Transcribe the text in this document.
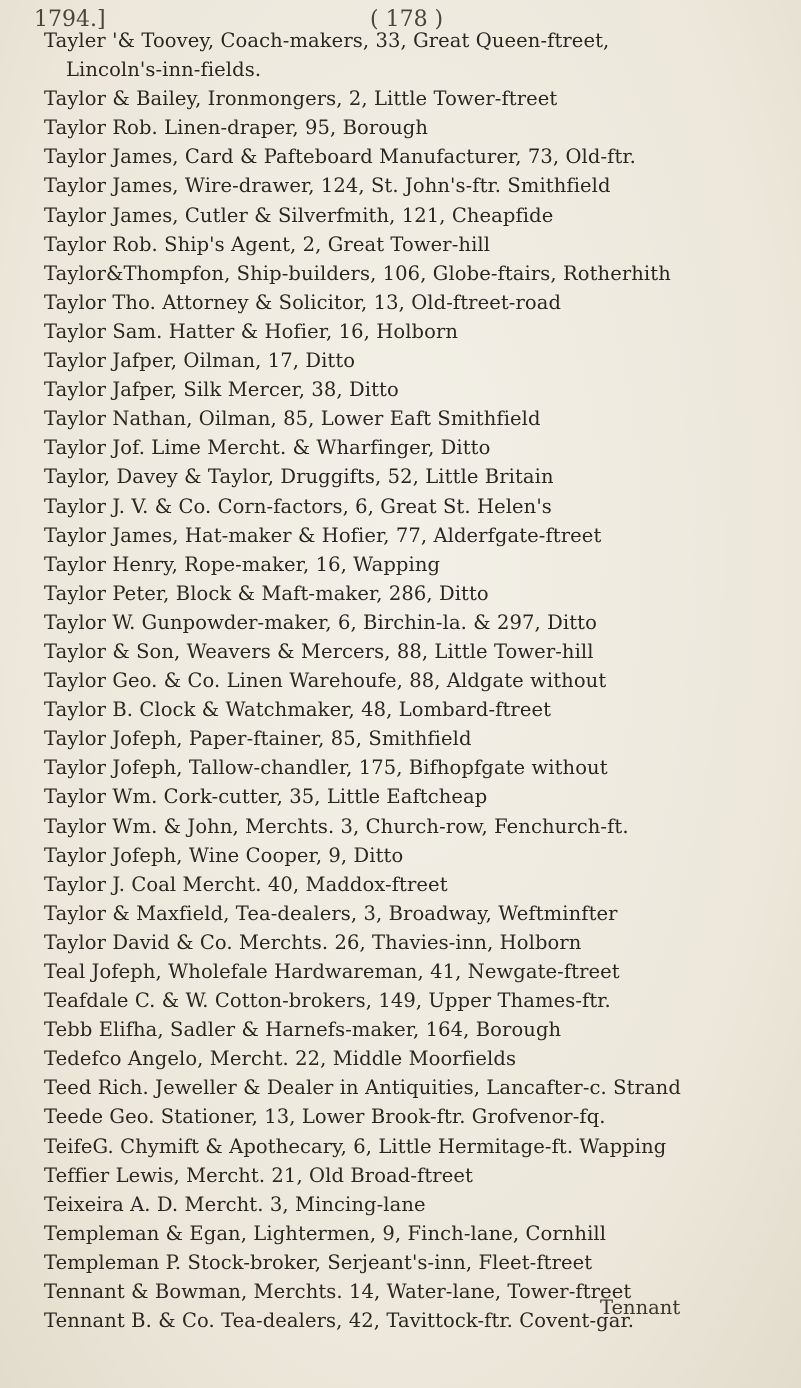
1794.]	( 178 )
Tayler '& Toovey, Coach-makers, 33, Great Queen-ftreet,
Lincoln's-inn-fields.
Taylor & Bailey, Ironmongers, 2, Little Tower-ftreet
Taylor Rob. Linen-draper, 95, Borough
Taylor James, Card & Pafteboard Manufacturer, 73, Old-ftr.
Taylor James, Wire-drawer, 124, St. John's-ftr. Smithfield
Taylor James, Cutler & Silverfmith, 121, Cheapfide
Taylor Rob. Ship's Agent, 2, Great Tower-hill
Taylor&Thompfon, Ship-builders, 106, Globe-ftairs, Rotherhith
Taylor Tho. Attorney & Solicitor, 13, Old-ftreet-road
Taylor Sam. Hatter & Hofier, 16, Holborn
Taylor Jafper, Oilman, 17, Ditto
Taylor Jafper, Silk Mercer, 38, Ditto
Taylor Nathan, Oilman, 85, Lower Eaft Smithfield
Taylor Jof. Lime Mercht. & Wharfinger, Ditto
Taylor, Davey & Taylor, Druggifts, 52, Little Britain
Taylor J. V. & Co. Corn-factors, 6, Great St. Helen's
Taylor James, Hat-maker & Hofier, 77, Alderfgate-ftreet
Taylor Henry, Rope-maker, 16, Wapping
Taylor Peter, Block & Maft-maker, 286, Ditto
Taylor W. Gunpowder-maker, 6, Birchin-la. & 297, Ditto
Taylor & Son, Weavers & Mercers, 88, Little Tower-hill
Taylor Geo. & Co. Linen Warehoufe, 88, Aldgate without
Taylor B. Clock & Watchmaker, 48, Lombard-ftreet
Taylor Jofeph, Paper-ftainer, 85, Smithfield
Taylor Jofeph, Tallow-chandler, 175, Bifhopfgate without
Taylor Wm. Cork-cutter, 35, Little Eaftcheap
Taylor Wm. & John, Merchts. 3, Church-row, Fenchurch-ft.
Taylor Jofeph, Wine Cooper, 9, Ditto
Taylor J. Coal Mercht. 40, Maddox-ftreet
Taylor & Maxfield, Tea-dealers, 3, Broadway, Weftminfter
Taylor David & Co. Merchts. 26, Thavies-inn, Holborn
Teal Jofeph, Wholefale Hardwareman, 41, Newgate-ftreet
Teafdale C. & W. Cotton-brokers, 149, Upper Thames-ftr.
Tebb Elifha, Sadler & Harnefs-maker, 164, Borough
Tedefco Angelo, Mercht. 22, Middle Moorfields
Teed Rich. Jeweller & Dealer in Antiquities, Lancafter-c. Strand
Teede Geo. Stationer, 13, Lower Brook-ftr. Grofvenor-fq.
TeifeG. Chymift & Apothecary, 6, Little Hermitage-ft. Wapping
Teffier Lewis, Mercht. 21, Old Broad-ftreet
Teixeira A. D. Mercht. 3, Mincing-lane
Templeman & Egan, Lightermen, 9, Finch-lane, Cornhill
Templeman P. Stock-broker, Serjeant's-inn, Fleet-ftreet
Tennant & Bowman, Merchts. 14, Water-lane, Tower-ftreet
Tennant B. & Co. Tea-dealers, 42, Tavittock-ftr. Covent-gar.
Tennant
